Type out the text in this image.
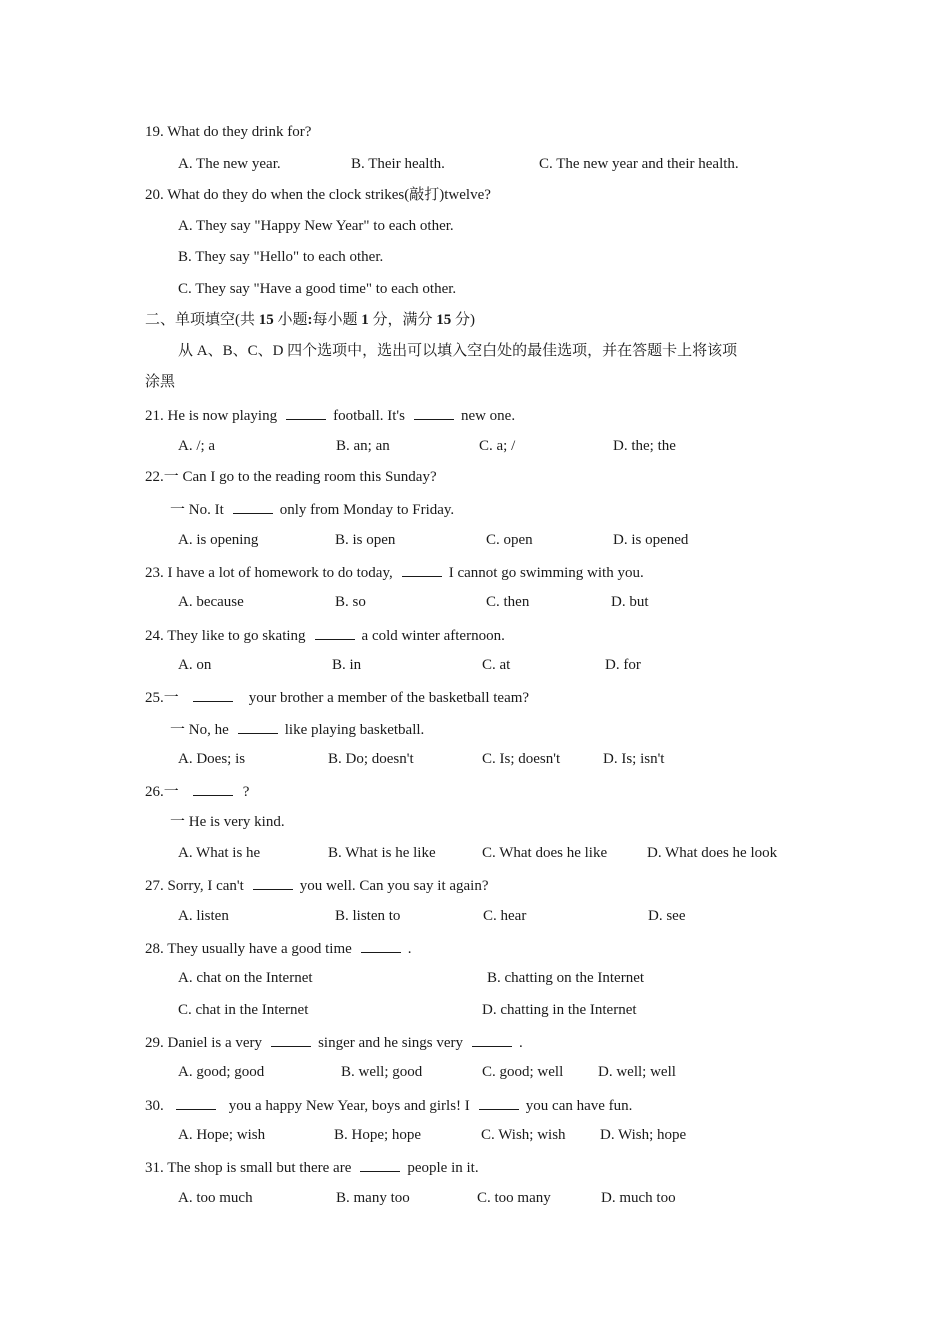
19. What do they drink for?
A. The new year.	B. Their health.	C. The new year and their health.
20. What do they do when the clock strikes(敲打)twelve?
A. They say "Happy New Year" to each other.
B. They say "Hello" to each other.
C. They say "Have a good time" to each other.
二、单项填空(共 15 小题:每小题 1 分，满分 15 分)
从 A、B、C、D 四个选项中，选出可以填入空白处的最佳选项，并在答题卡上将该项
涂黑
21. He is now playing	football. It's	new one.
A. /; a	B. an; an	C. a; /	D. the; the
22.一 Can I go to the reading room this Sunday?
一 No. It	only from Monday to Friday.
A. is opening	B. is open	C. open	D. is opened
23. I have a lot of homework to do today,	I cannot go swimming with you.
A. because	B. so	C. then	D. but
24. They like to go skating	a cold winter afternoon.
A. on	B. in	C. at	D. for
25.一	your brother a member of the basketball team?
一 No, he	like playing basketball.
A. Does; is	B. Do; doesn't	C. Is; doesn't	D. Is; isn't
26.一	?
一 He is very kind.
A. What is he	B. What is he like	C. What does he like	D. What does he look
27. Sorry, I can't	you well. Can you say it again?
A. listen	B. listen to	C. hear	D. see
28. They usually have a good time	.
A. chat on the Internet	B. chatting on the Internet
C. chat in the Internet	D. chatting in the Internet
29. Daniel is a very	singer and he sings very	.
A. good; good	B. well; good	C. good; well D. well; well
30.	you a happy New Year, boys and girls! I	you can have fun.
A. Hope; wish	B. Hope; hope	C. Wish; wish D. Wish; hope
31. The shop is small but there are	people in it.
A. too much	B. many too	C. too many	D. much too
